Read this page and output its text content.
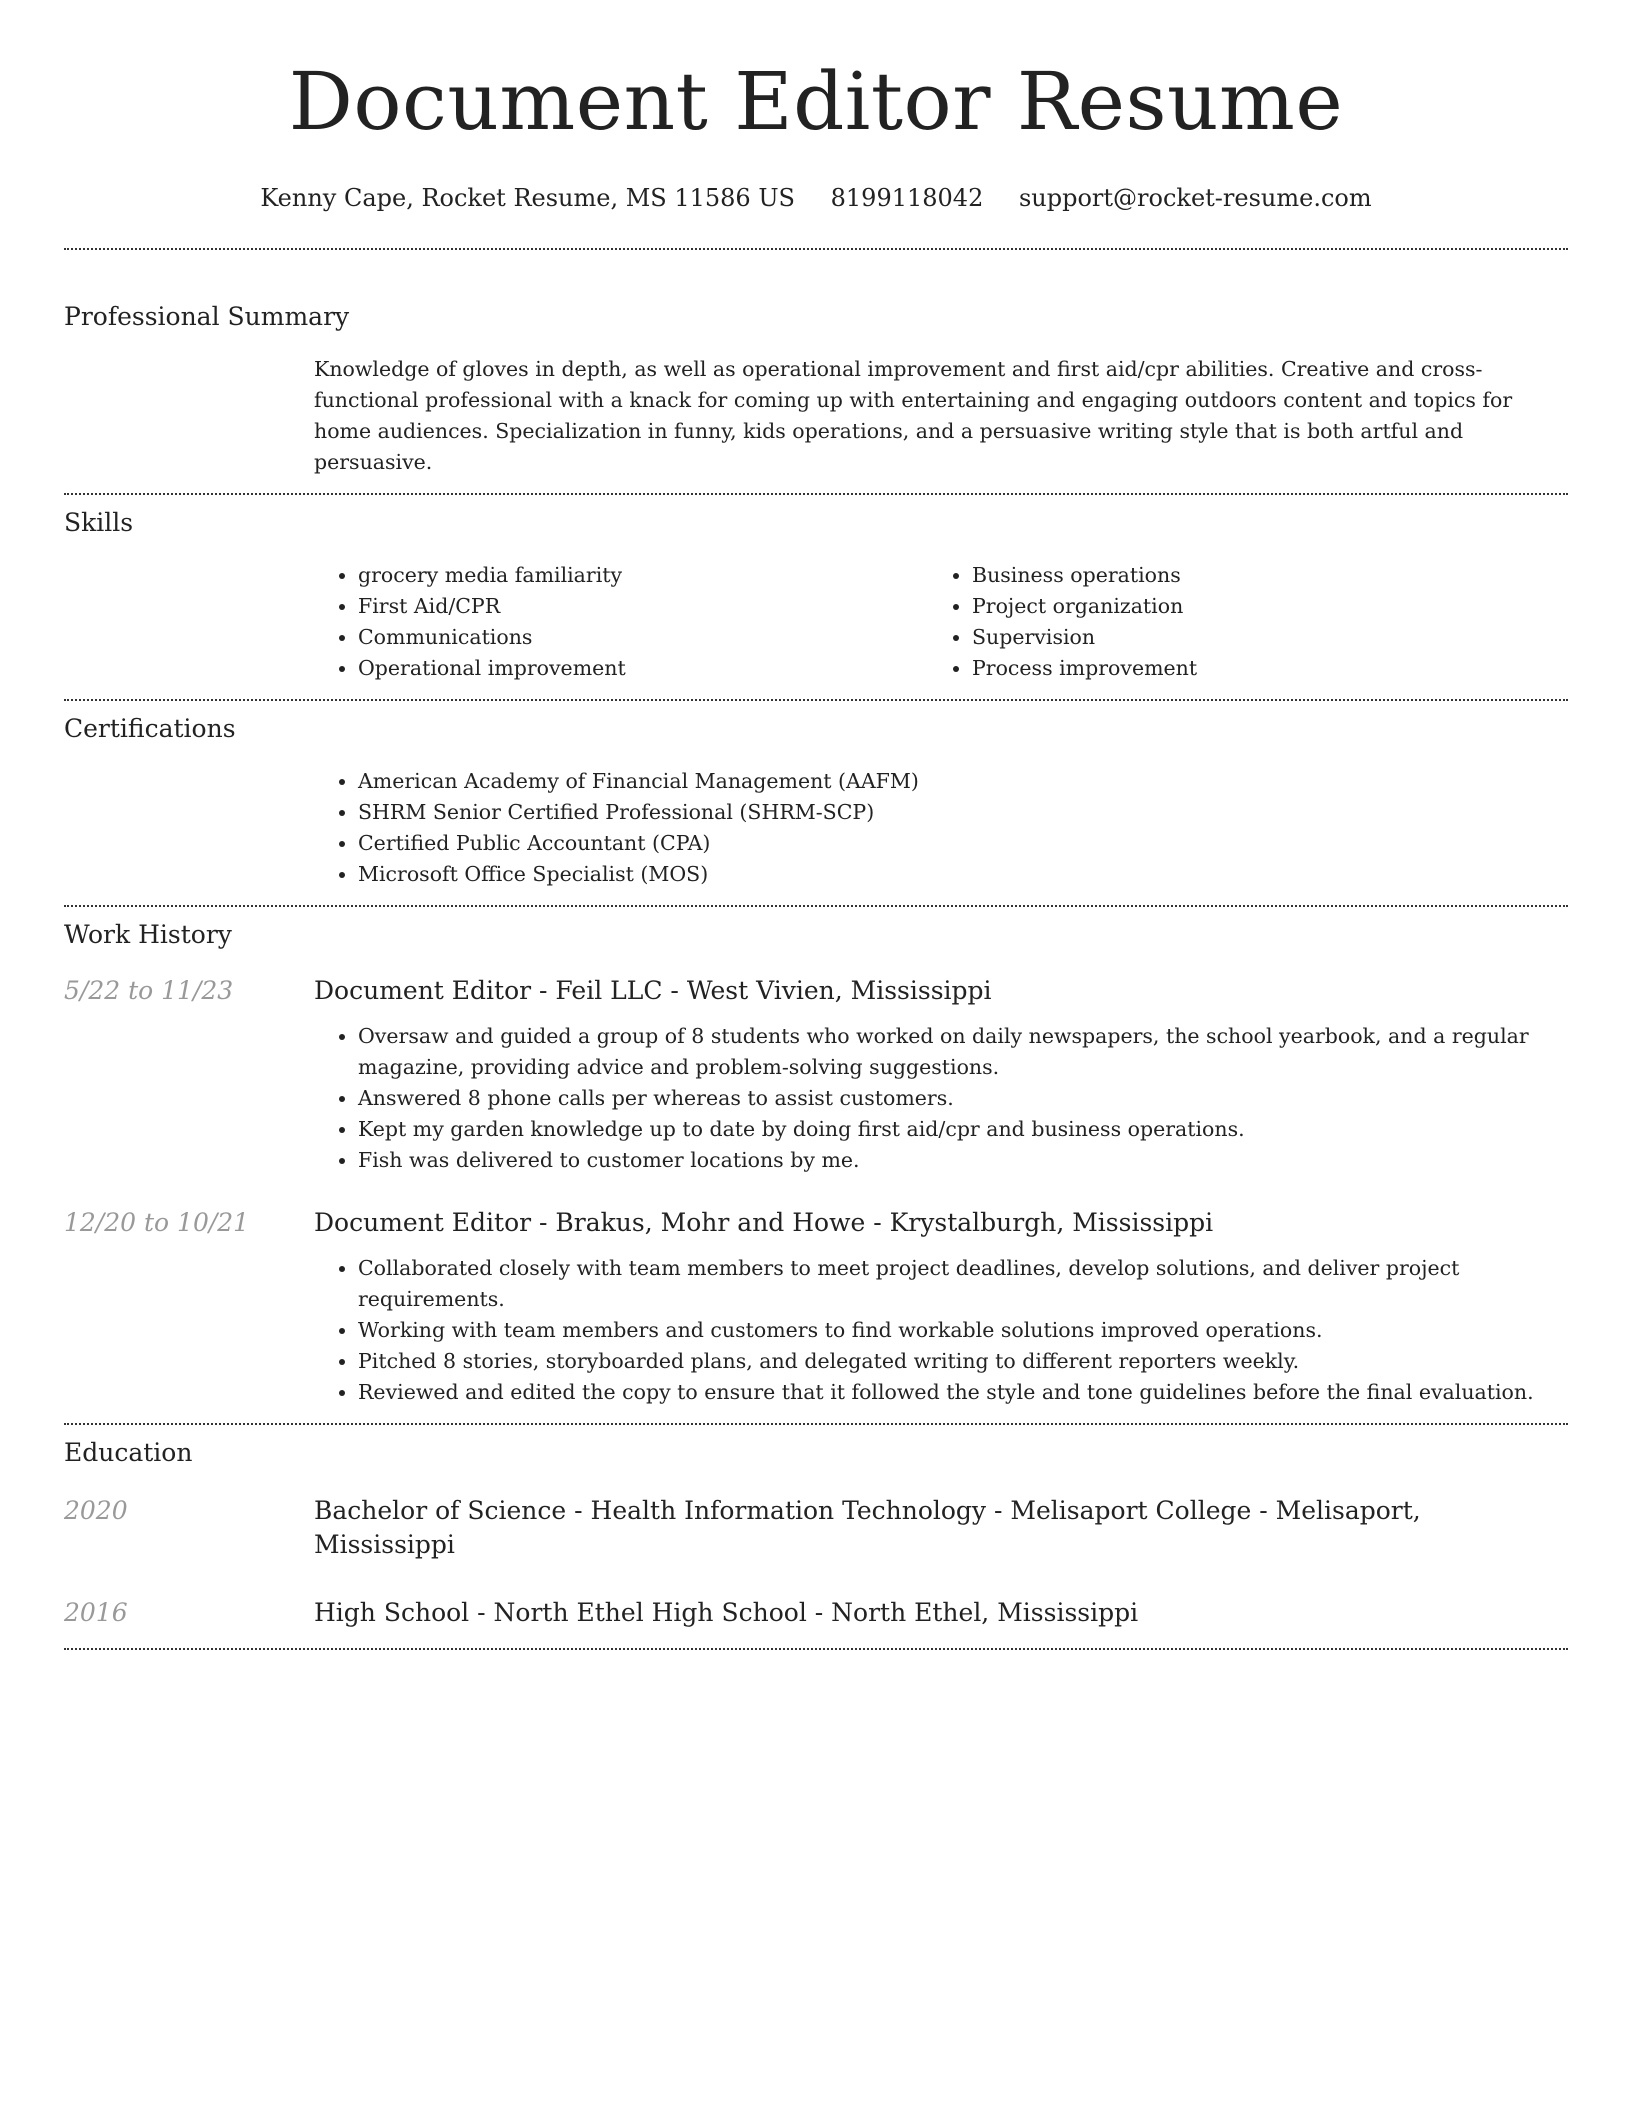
Document Editor Resume
Kenny Cape, Rocket Resume, MS 11586 US 8199118042 support@rocket-resume.com
Professional Summary

Knowledge of gloves in depth, as well as operational improvement and first aid/cpr abilities. Creative and cross-functional professional with a knack for coming up with entertaining and engaging outdoors content and topics for home audiences. Specialization in funny, kids operations, and a persuasive writing style that is both artful and persuasive.

Skills
• grocery media familiarity
• First Aid/CPR
• Communications
• Operational improvement
• Business operations
• Project organization
• Supervision
• Process improvement
Certifications
• American Academy of Financial Management (AAFM)
• SHRM Senior Certified Professional (SHRM-SCP)
• Certified Public Accountant (CPA)
• Microsoft Office Specialist (MOS)
Work History
5/22 to 11/23	Document Editor - Feil LLC - West Vivien, Mississippi
• Oversaw and guided a group of 8 students who worked on daily newspapers, the school yearbook, and a regular magazine, providing advice and problem-solving suggestions.
• Answered 8 phone calls per whereas to assist customers.
• Kept my garden knowledge up to date by doing first aid/cpr and business operations.
• Fish was delivered to customer locations by me.
12/20 to 10/21	Document Editor - Brakus, Mohr and Howe - Krystalburgh, Mississippi
• Collaborated closely with team members to meet project deadlines, develop solutions, and deliver project requirements.
• Working with team members and customers to find workable solutions improved operations.
• Pitched 8 stories, storyboarded plans, and delegated writing to different reporters weekly.
• Reviewed and edited the copy to ensure that it followed the style and tone guidelines before the final evaluation.
Education
2020	Bachelor of Science - Health Information Technology - Melisaport College - Melisaport, Mississippi
2016	High School - North Ethel High School - North Ethel, Mississippi
